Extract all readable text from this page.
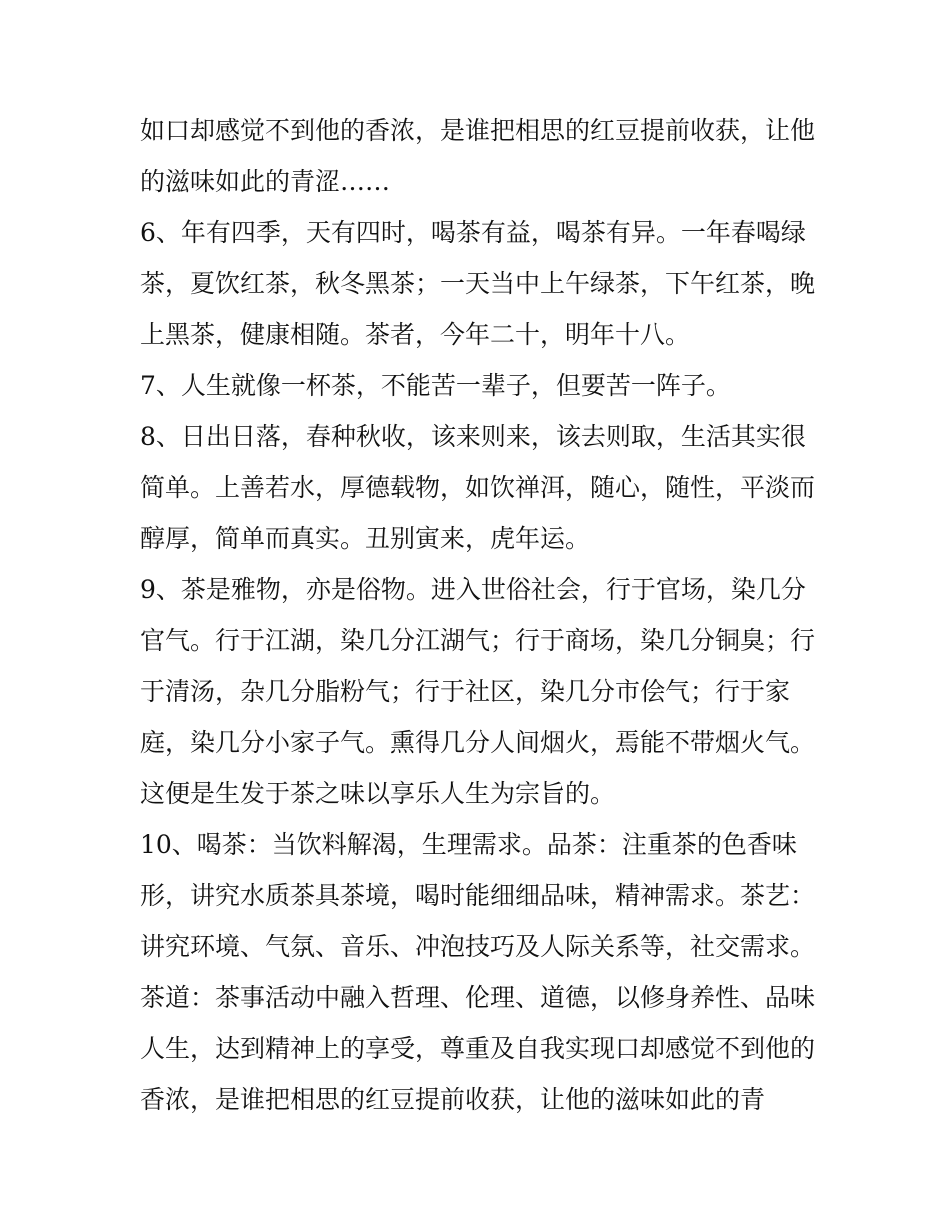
如口却感觉不到他的香浓，是谁把相思的红豆提前收获，让他
的滋味如此的青涩……
6、年有四季，天有四时，喝茶有益，喝茶有异。一年春喝绿
茶，夏饮红茶，秋冬黑茶；一天当中上午绿茶，下午红茶，晚
上黑茶，健康相随。茶者，今年二十，明年十八。
7、人生就像一杯茶，不能苦一辈子，但要苦一阵子。
8、日出日落，春种秋收，该来则来，该去则取，生活其实很
简单。上善若水，厚德载物，如饮禅洱，随心，随性，平淡而
醇厚，简单而真实。丑别寅来，虎年运。
9、茶是雅物，亦是俗物。进入世俗社会，行于官场，染几分
官气。行于江湖，染几分江湖气；行于商场，染几分铜臭；行
于清汤，杂几分脂粉气；行于社区，染几分市侩气；行于家
庭，染几分小家子气。熏得几分人间烟火，焉能不带烟火气。
这便是生发于茶之味以享乐人生为宗旨的。
10、喝茶：当饮料解渴，生理需求。品茶：注重茶的色香味
形，讲究水质茶具茶境，喝时能细细品味，精神需求。茶艺：
讲究环境、气氛、音乐、冲泡技巧及人际关系等，社交需求。
茶道：茶事活动中融入哲理、伦理、道德，以修身养性、品味
人生，达到精神上的享受，尊重及自我实现口却感觉不到他的
香浓，是谁把相思的红豆提前收获，让他的滋味如此的青
